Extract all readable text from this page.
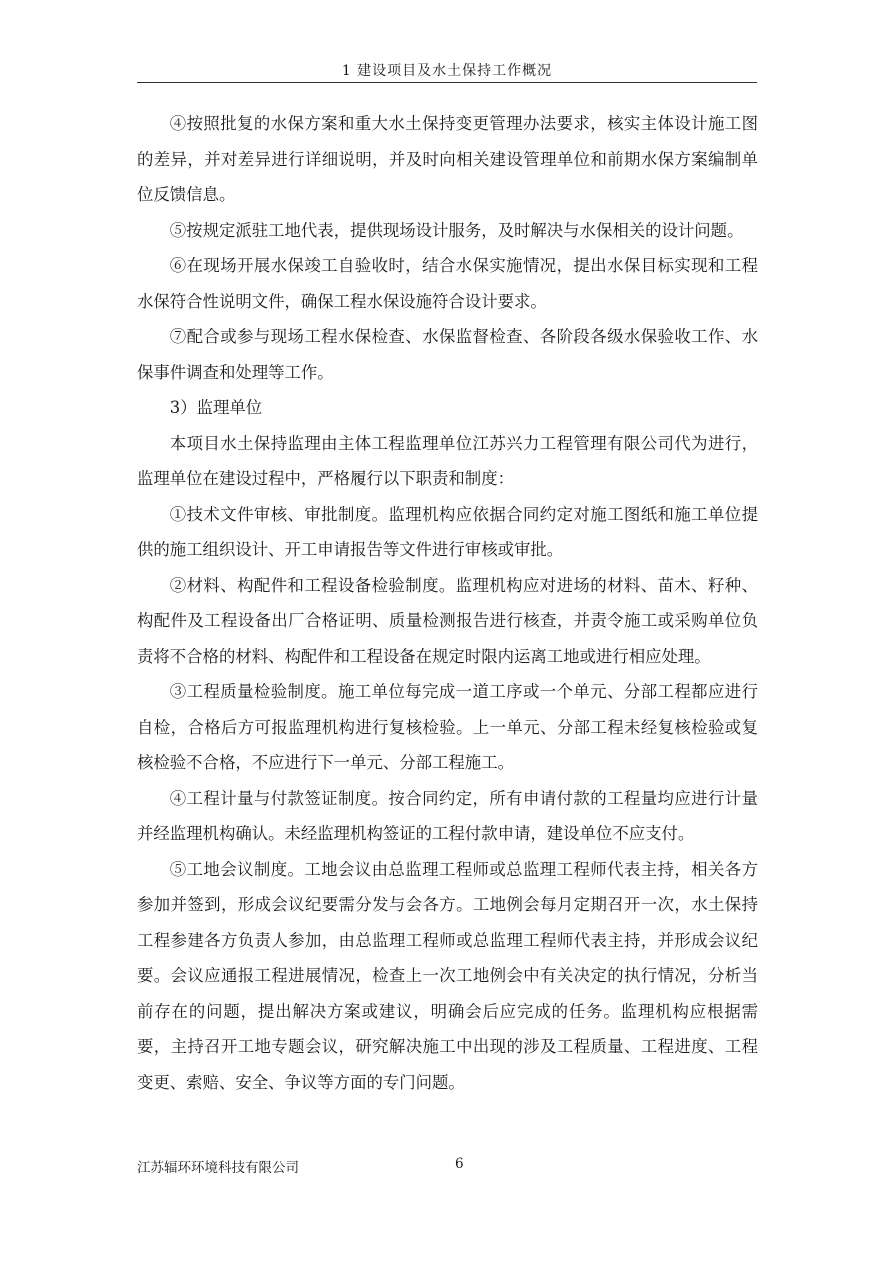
1 建设项目及水土保持工作概况

④按照批复的水保方案和重大水土保持变更管理办法要求，核实主体设计施工图的差异，并对差异进行详细说明，并及时向相关建设管理单位和前期水保方案编制单位反馈信息。

⑤按规定派驻工地代表，提供现场设计服务，及时解决与水保相关的设计问题。

⑥在现场开展水保竣工自验收时，结合水保实施情况，提出水保目标实现和工程水保符合性说明文件，确保工程水保设施符合设计要求。

⑦配合或参与现场工程水保检查、水保监督检查、各阶段各级水保验收工作、水保事件调查和处理等工作。

3）监理单位

本项目水土保持监理由主体工程监理单位江苏兴力工程管理有限公司代为进行，监理单位在建设过程中，严格履行以下职责和制度：

①技术文件审核、审批制度。监理机构应依据合同约定对施工图纸和施工单位提供的施工组织设计、开工申请报告等文件进行审核或审批。

②材料、构配件和工程设备检验制度。监理机构应对进场的材料、苗木、籽种、构配件及工程设备出厂合格证明、质量检测报告进行核查，并责令施工或采购单位负责将不合格的材料、构配件和工程设备在规定时限内运离工地或进行相应处理。

③工程质量检验制度。施工单位每完成一道工序或一个单元、分部工程都应进行自检，合格后方可报监理机构进行复核检验。上一单元、分部工程未经复核检验或复核检验不合格，不应进行下一单元、分部工程施工。

④工程计量与付款签证制度。按合同约定，所有申请付款的工程量均应进行计量并经监理机构确认。未经监理机构签证的工程付款申请，建设单位不应支付。

⑤工地会议制度。工地会议由总监理工程师或总监理工程师代表主持，相关各方参加并签到，形成会议纪要需分发与会各方。工地例会每月定期召开一次，水土保持工程参建各方负责人参加，由总监理工程师或总监理工程师代表主持，并形成会议纪要。会议应通报工程进展情况，检查上一次工地例会中有关决定的执行情况，分析当前存在的问题，提出解决方案或建议，明确会后应完成的任务。监理机构应根据需要，主持召开工地专题会议，研究解决施工中出现的涉及工程质量、工程进度、工程变更、索赔、安全、争议等方面的专门问题。

江苏辐环环境科技有限公司	6
